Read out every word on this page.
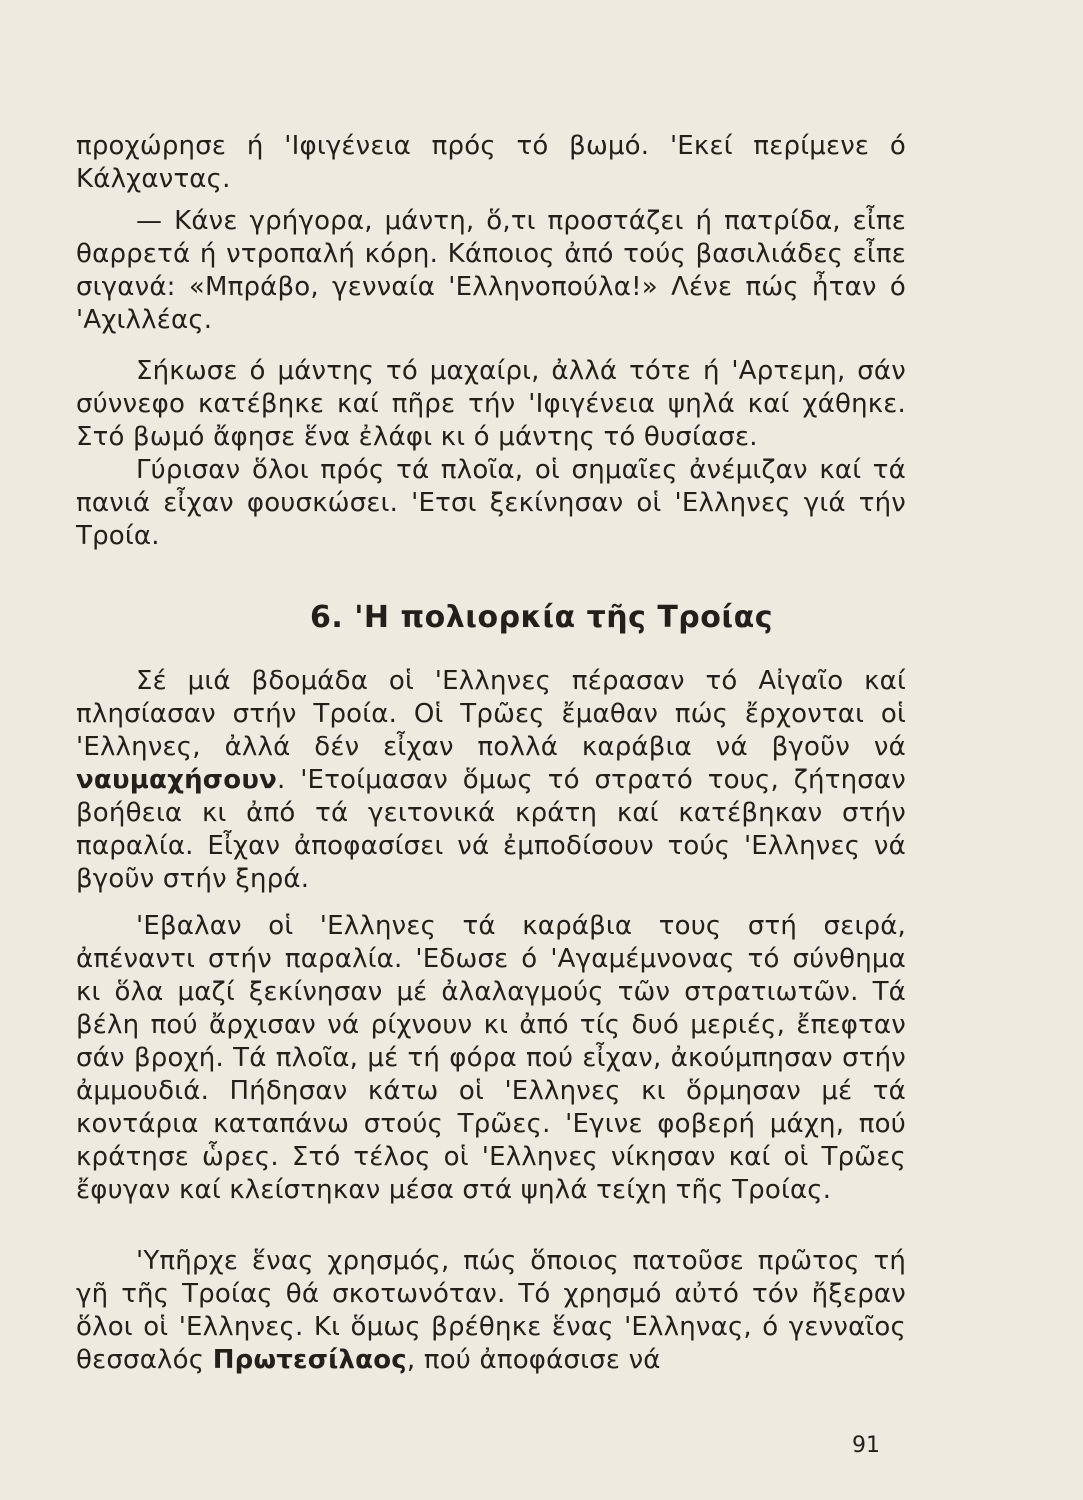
προχώρησε ή 'Ιφιγένεια πρός τό βωμό. 'Εκεί περίμενε ό Κάλχαντας.

— Κάνε γρήγορα, μάντη, ὅ,τι προστάζει ή πατρίδα, εἶπε θαρρετά ή ντροπαλή κόρη. Κάποιος ἀπό τούς βασιλιάδες εἶπε σιγανά: «Μπράβο, γενναία 'Ελληνοπούλα!» Λένε πώς ἦταν ό 'Αχιλλέας.

Σήκωσε ό μάντης τό μαχαίρι, ἀλλά τότε ή 'Αρτεμη, σάν σύννεφο κατέβηκε καί πῆρε τήν 'Ιφιγένεια ψηλά καί χάθηκε. Στό βωμό ἄφησε ἕνα ἐλάφι κι ό μάντης τό θυσίασε.

Γύρισαν ὅλοι πρός τά πλοῖα, οἱ σημαῖες ἀνέμιζαν καί τά πανιά εἶχαν φουσκώσει. 'Ετσι ξεκίνησαν οἱ 'Ελληνες γιά τήν Τροία.

6. 'Η πολιορκία τῆς Τροίας

Σέ μιά βδομάδα οἱ 'Ελληνες πέρασαν τό Αἰγαῖο καί πλησίασαν στήν Τροία. Οἱ Τρῶες ἔμαθαν πώς ἔρχονται οἱ 'Ελληνες, ἀλλά δέν εἶχαν πολλά καράβια νά βγοῦν νά ναυμαχήσουν. 'Ετοίμασαν ὅμως τό στρατό τους, ζήτησαν βοήθεια κι ἀπό τά γειτονικά κράτη καί κατέβηκαν στήν παραλία. Εἶχαν ἀποφασίσει νά ἐμποδίσουν τούς 'Ελληνες νά βγοῦν στήν ξηρά.

'Εβαλαν οἱ 'Ελληνες τά καράβια τους στή σειρά, ἀπέναντι στήν παραλία. 'Εδωσε ό 'Αγαμέμνονας τό σύνθημα κι ὅλα μαζί ξεκίνησαν μέ ἀλαλαγμούς τῶν στρατιωτῶν. Τά βέλη πού ἄρχισαν νά ρίχνουν κι ἀπό τίς δυό μεριές, ἔπεφταν σάν βροχή. Τά πλοῖα, μέ τή φόρα πού εἶχαν, ἀκούμπησαν στήν ἀμμουδιά. Πήδησαν κάτω οἱ 'Ελληνες κι ὅρμησαν μέ τά κοντάρια καταπάνω στούς Τρῶες. 'Εγινε φοβερή μάχη, πού κράτησε ὧρες. Στό τέλος οἱ 'Ελληνες νίκησαν καί οἱ Τρῶες ἔφυγαν καί κλείστηκαν μέσα στά ψηλά τείχη τῆς Τροίας.

'Υπῆρχε ἕνας χρησμός, πώς ὅποιος πατοῦσε πρῶτος τή γῆ τῆς Τροίας θά σκοτωνόταν. Τό χρησμό αὐτό τόν ἤξεραν ὅλοι οἱ 'Ελληνες. Κι ὅμως βρέθηκε ἕνας 'Ελληνας, ό γενναῖος θεσσαλός Πρωτεσίλαος, πού ἀποφάσισε νά

91
